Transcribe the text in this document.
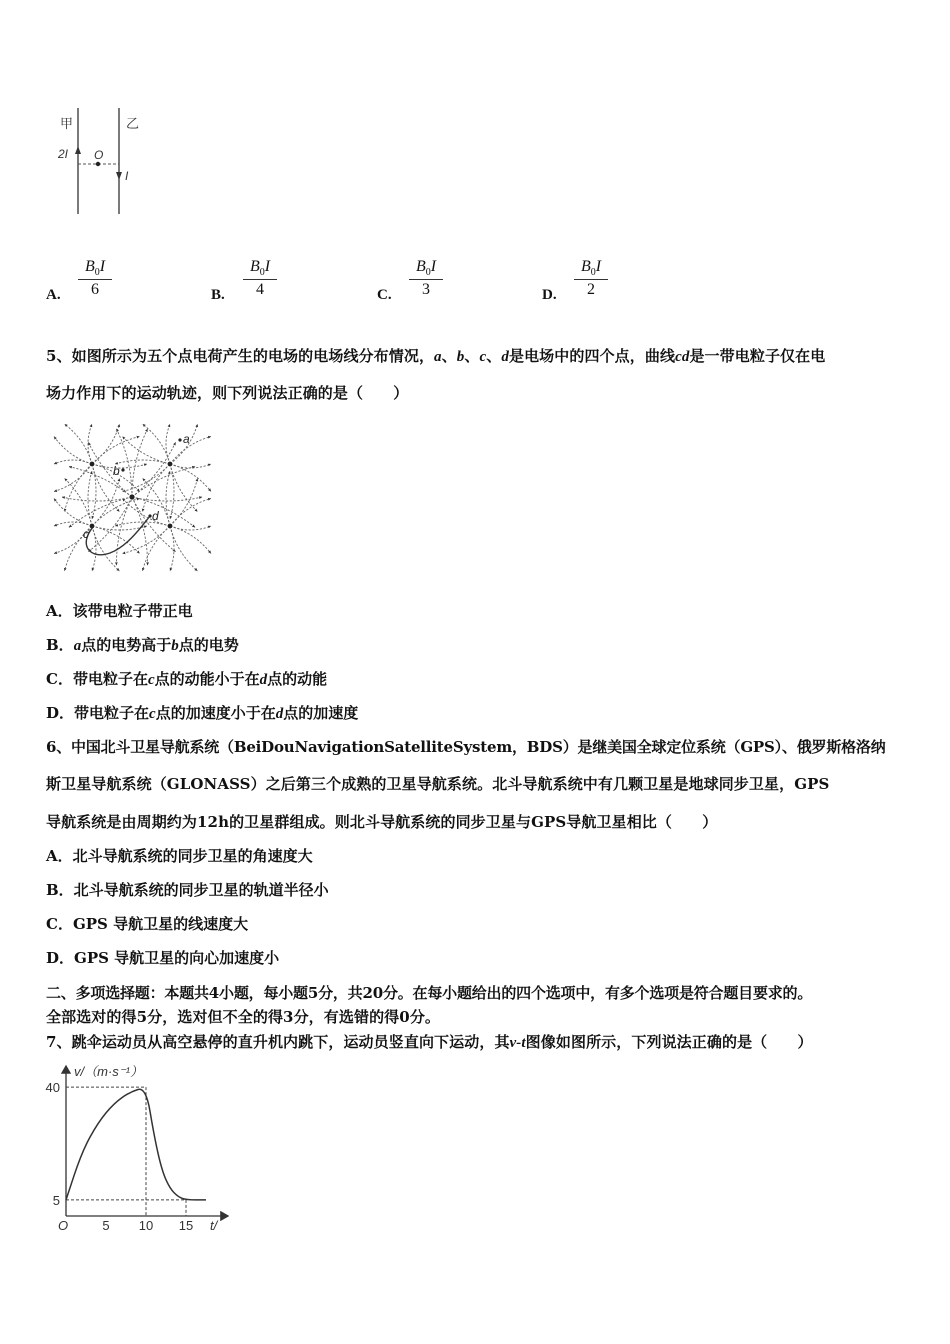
甲	乙
2I O
I
A. $\frac{B_0I}{6}$	B. $\frac{B_0I}{4}$	C. $\frac{B_0I}{3}$	D. $\frac{B_0I}{2}$
5、如图所示为五个点电荷产生的电场的电场线分布情况，a、b、c、d是电场中的四个点，曲线cd是一带电粒子仅在电
场力作用下的运动轨迹，则下列说法正确的是（　　）
a
b
c
d
A．该带电粒子带正电
B．a点的电势高于b点的电势
C．带电粒子在c点的动能小于在d点的动能
D．带电粒子在c点的加速度小于在d点的加速度
6、中国北斗卫星导航系统（BeiDouNavigationSatelliteSystem，BDS）是继美国全球定位系统（GPS）、俄罗斯格洛纳
斯卫星导航系统（GLONASS）之后第三个成熟的卫星导航系统。北斗导航系统中有几颗卫星是地球同步卫星，GPS
导航系统是由周期约为12h的卫星群组成。则北斗导航系统的同步卫星与GPS导航卫星相比（　　）
A．北斗导航系统的同步卫星的角速度大
B．北斗导航系统的同步卫星的轨道半径小
C．GPS 导航卫星的线速度大
D．GPS 导航卫星的向心加速度小
二、多项选择题：本题共4小题，每小题5分，共20分。在每小题给出的四个选项中，有多个选项是符合题目要求的。
全部选对的得5分，选对但不全的得3分，有选错的得0分。
7、跳伞运动员从高空悬停的直升机内跳下，运动员竖直向下运动，其v-t图像如图所示，下列说法正确的是（　　）
v/（m·s⁻¹）
O	t/
5 10 15
5
40
